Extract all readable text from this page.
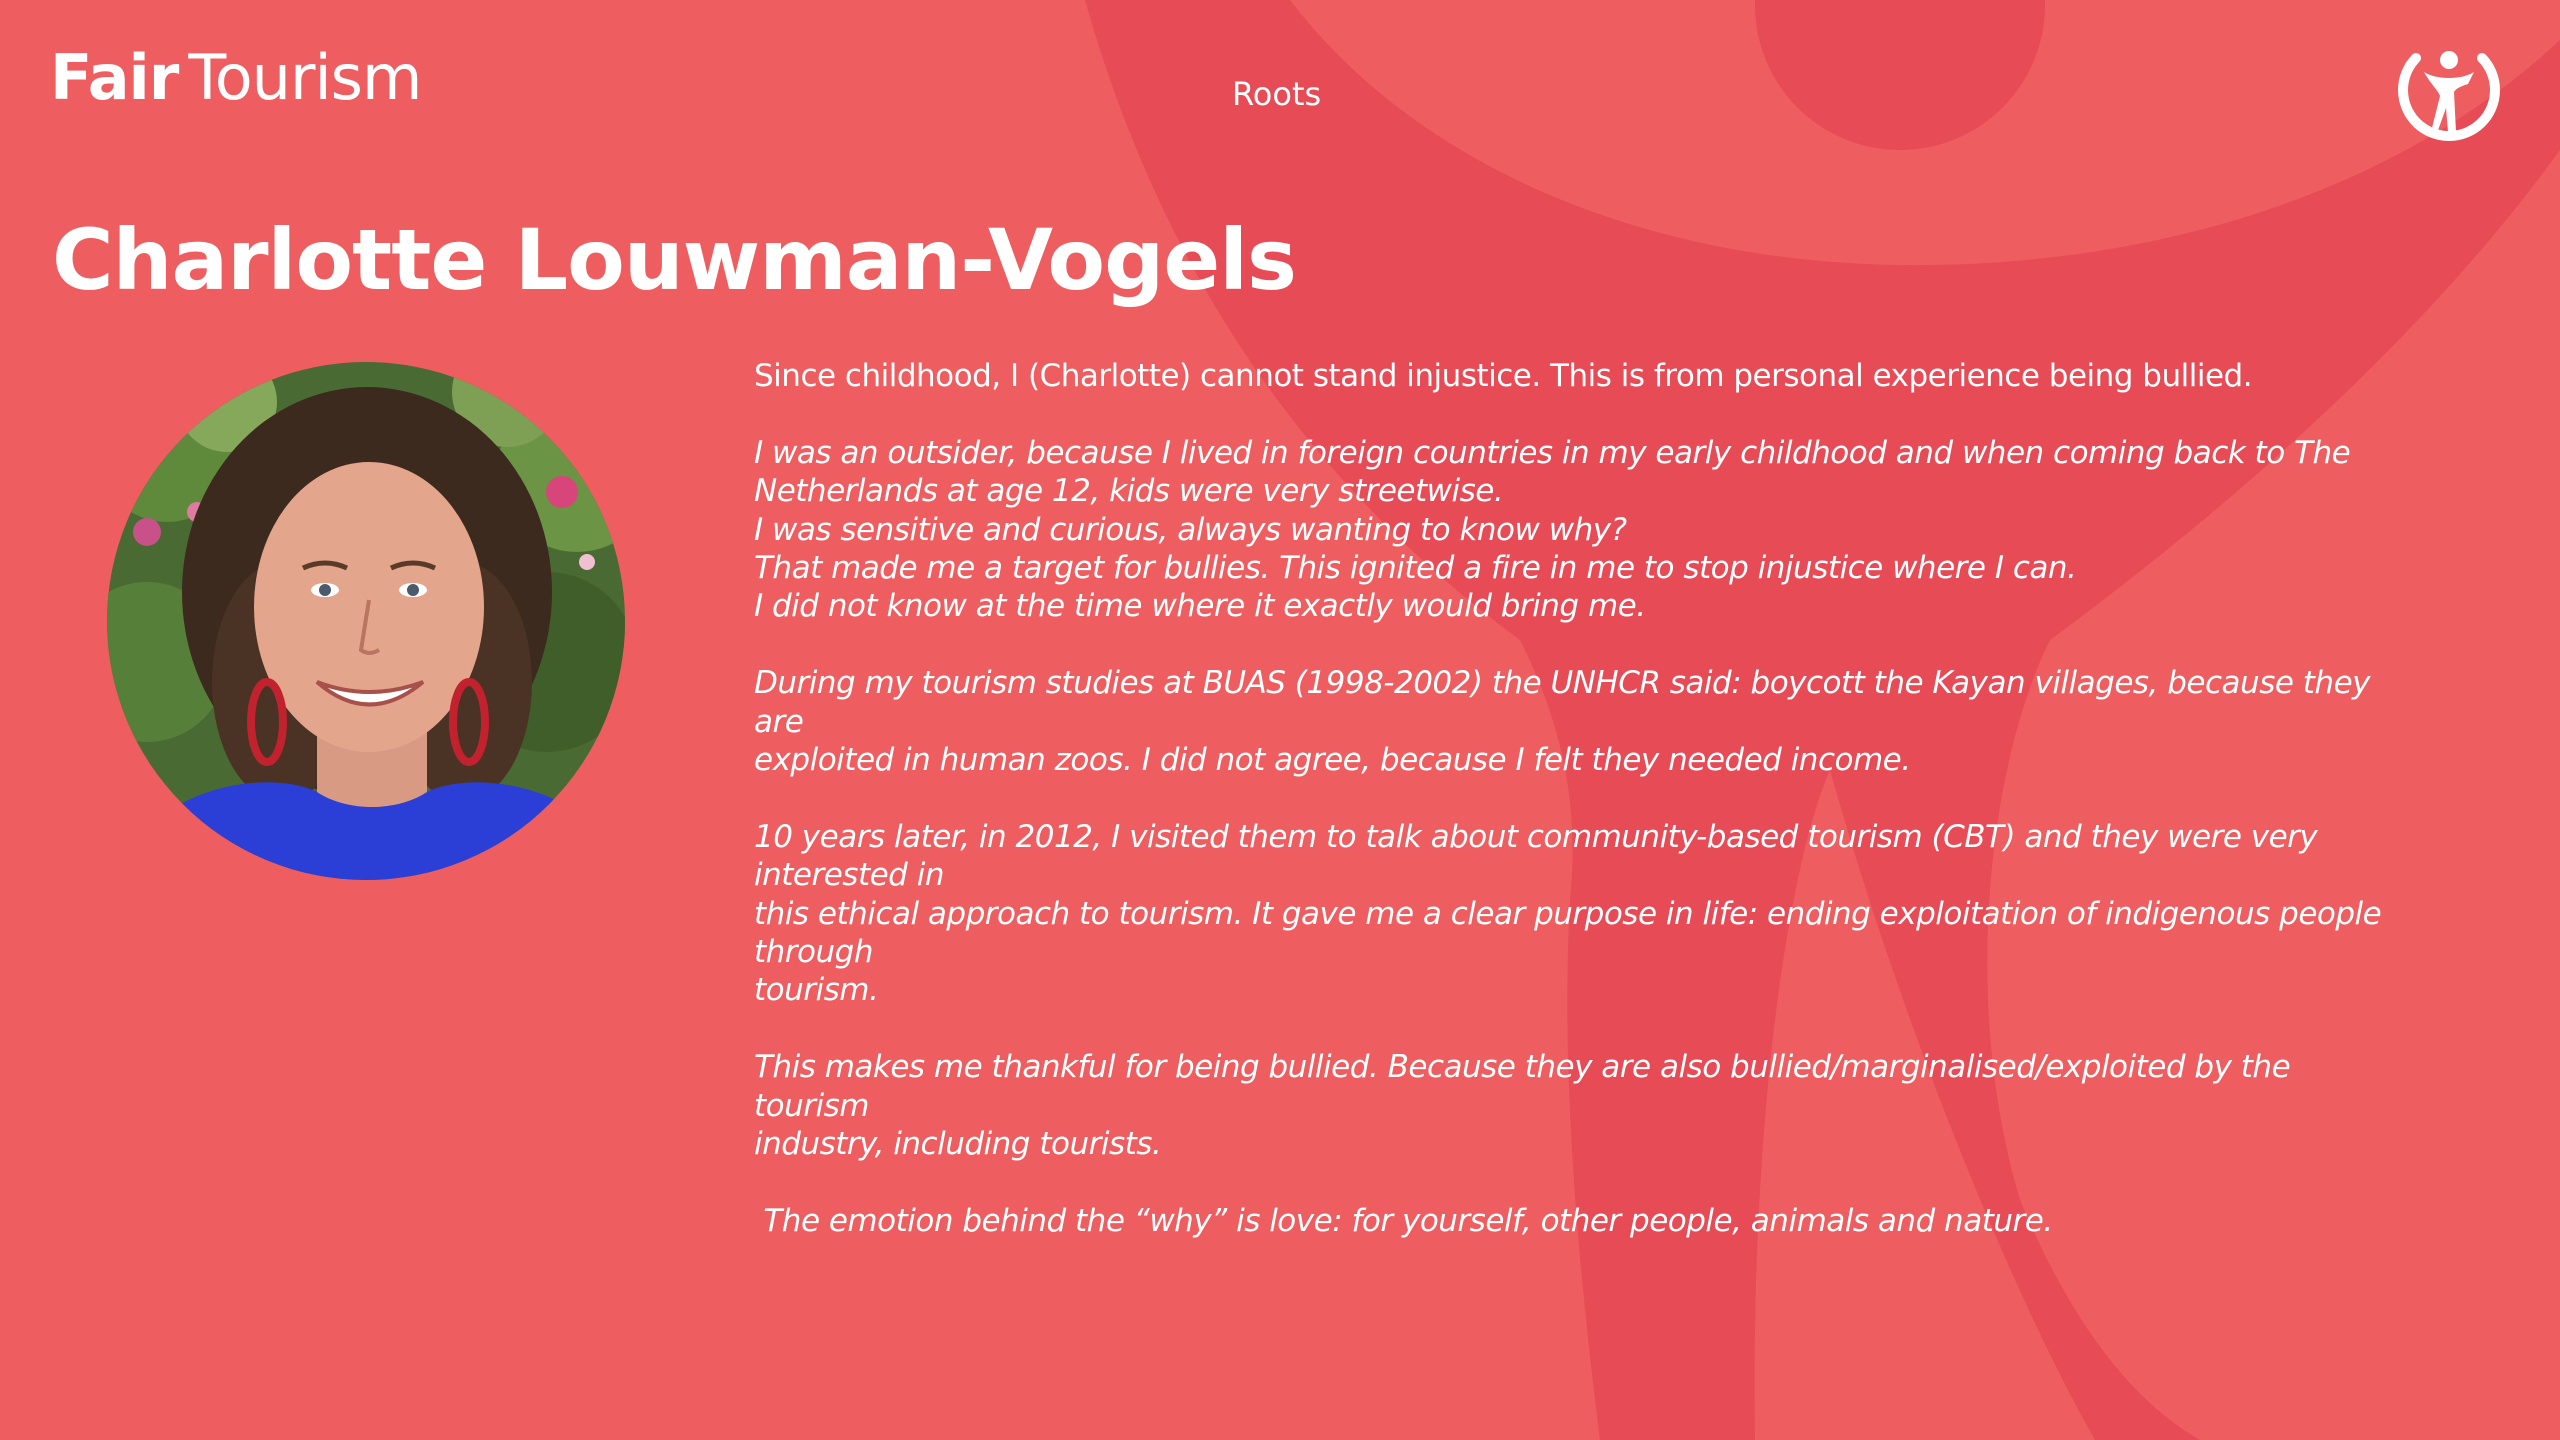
Fair Tourism	Roots
Charlotte Louwman-Vogels

Since childhood, I (Charlotte) cannot stand injustice. This is from personal experience being bullied.

I was an outsider, because I lived in foreign countries in my early childhood and when coming back to The
Netherlands at age 12, kids were very streetwise.
I was sensitive and curious, always wanting to know why?
That made me a target for bullies. This ignited a fire in me to stop injustice where I can.
I did not know at the time where it exactly would bring me.

During my tourism studies at BUAS (1998-2002) the UNHCR said: boycott the Kayan villages, because they are
exploited in human zoos. I did not agree, because I felt they needed income.

10 years later, in 2012, I visited them to talk about community-based tourism (CBT) and they were very interested in
this ethical approach to tourism. It gave me a clear purpose in life: ending exploitation of indigenous people through
tourism.

This makes me thankful for being bullied. Because they are also bullied/marginalised/exploited by the tourism
industry, including tourists.

The emotion behind the “why” is love: for yourself, other people, animals and nature.
